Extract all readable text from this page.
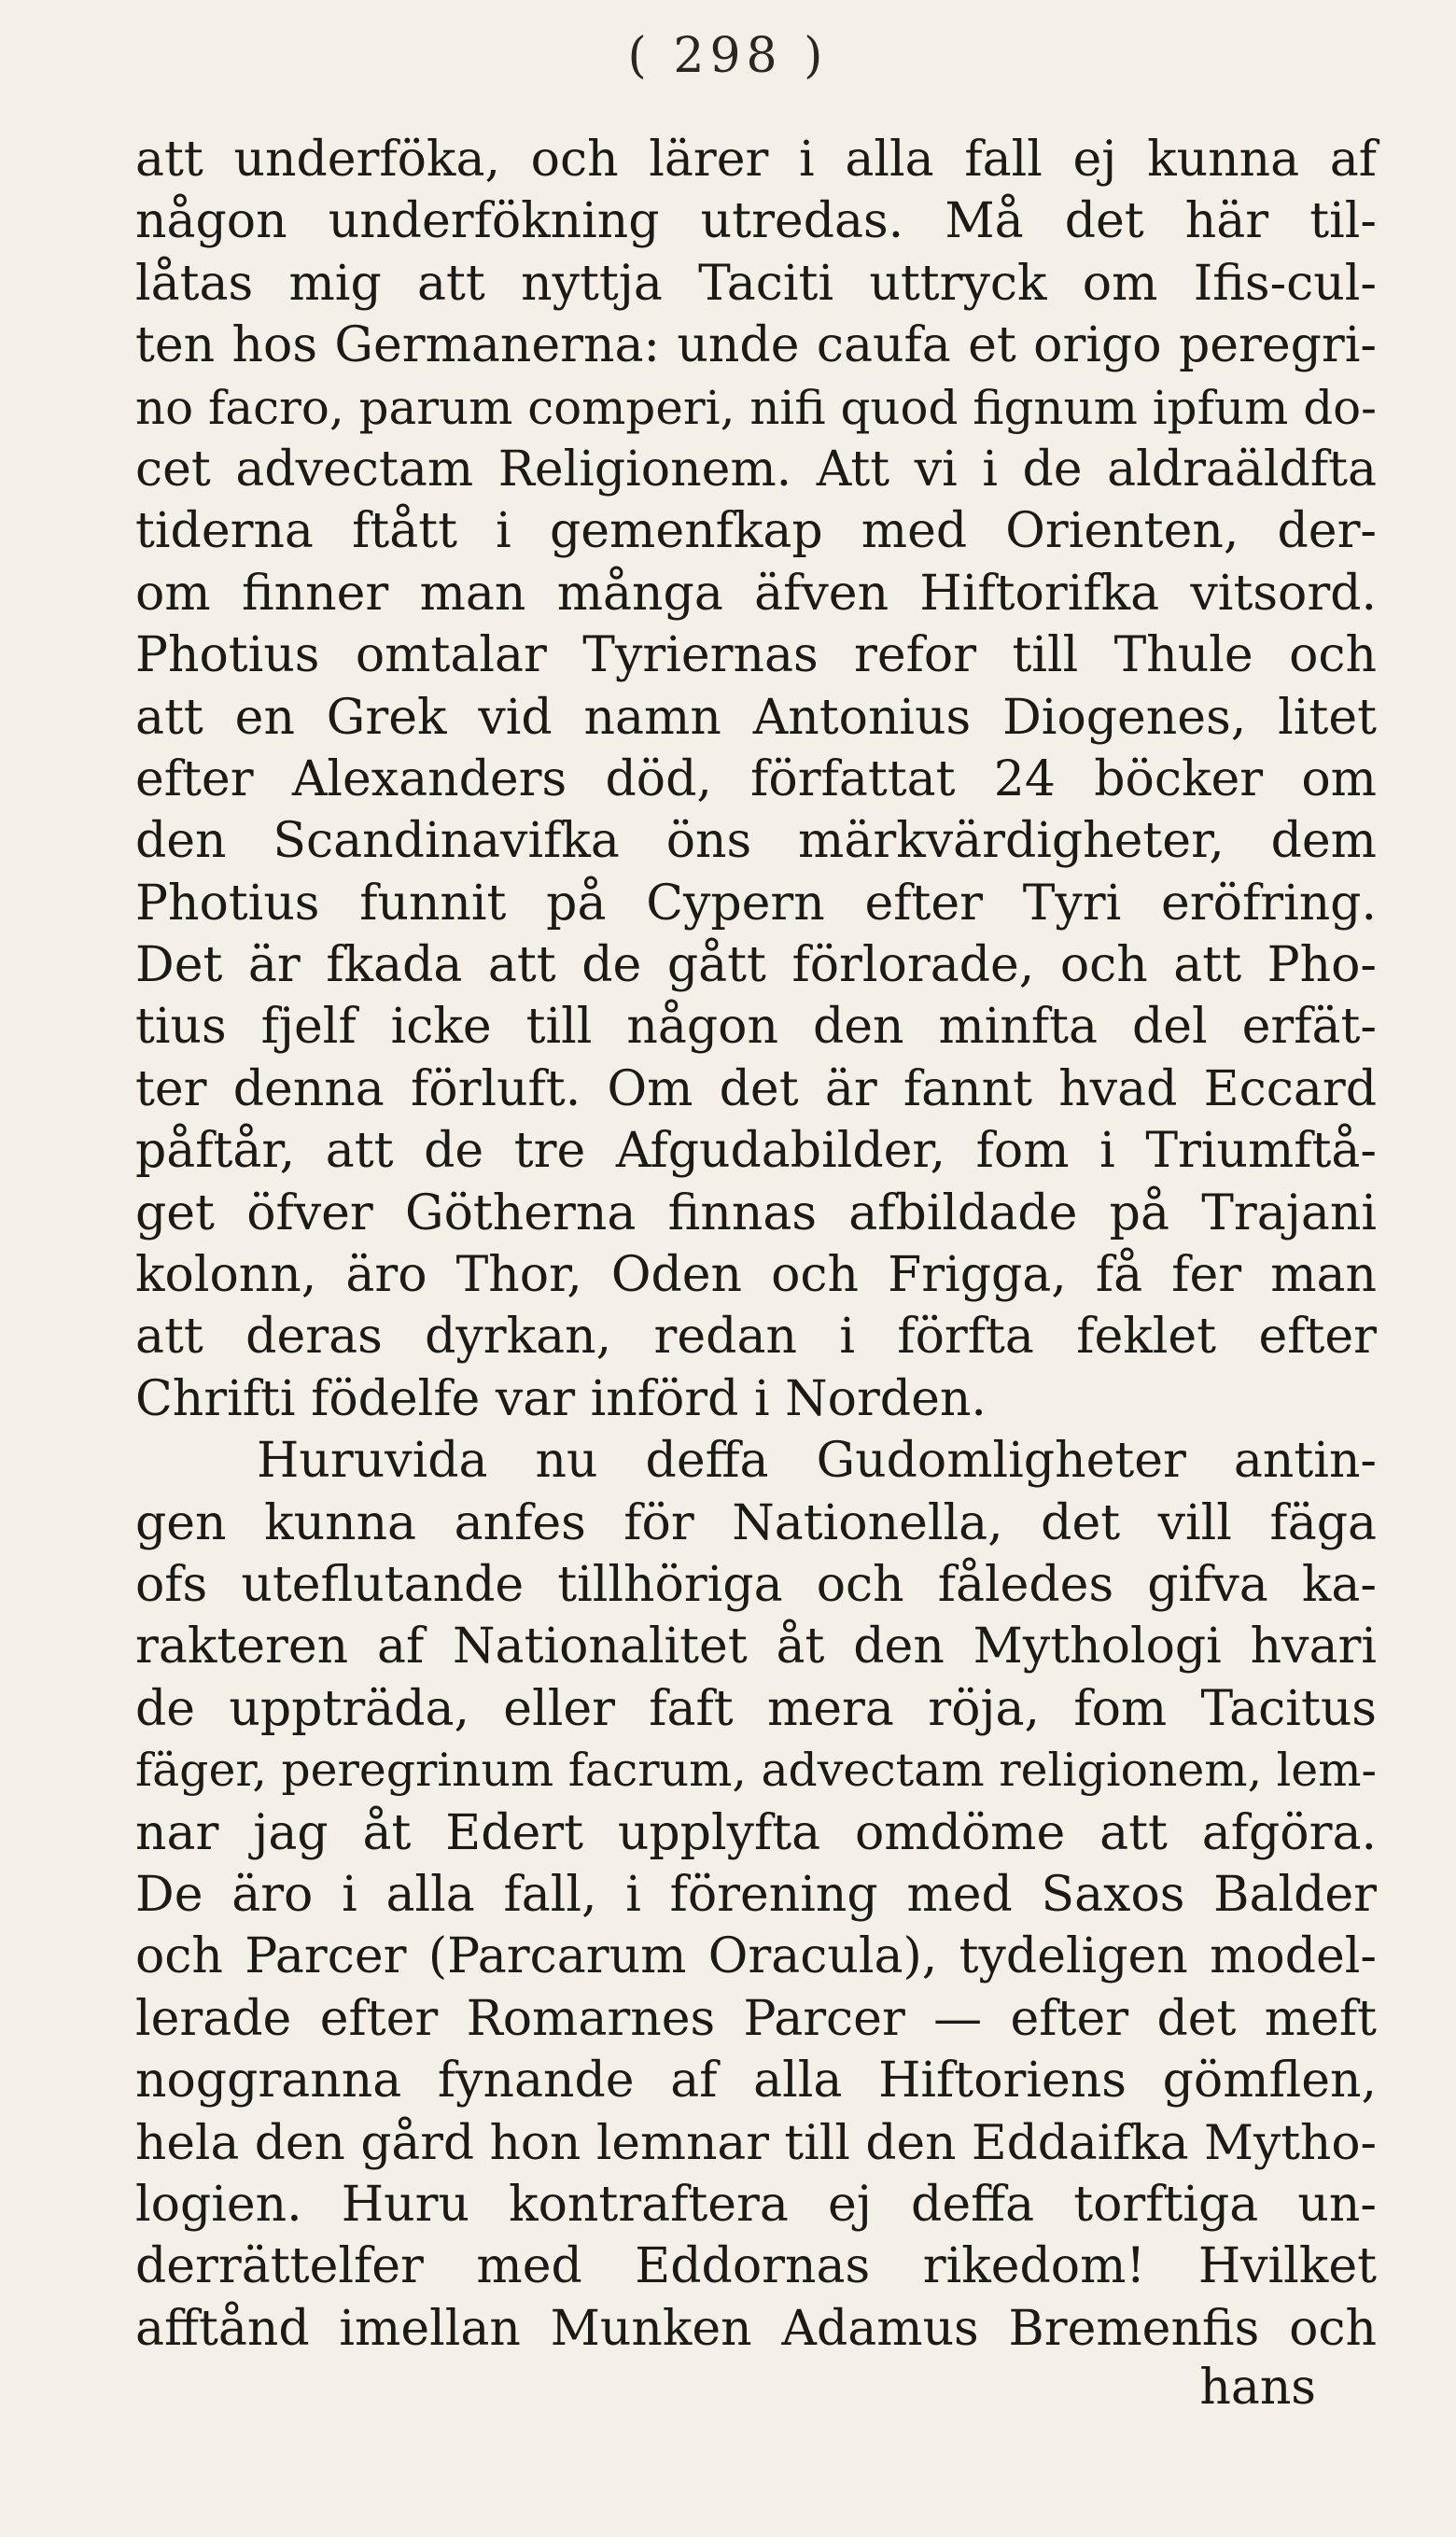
( 298 )
att underföka, och lärer i alla fall ej kunna af
någon underfökning utredas. Må det här til-
låtas mig att nyttja Taciti uttryck om Ifis-cul-
ten hos Germanerna: unde caufa et origo peregri-
no facro, parum comperi, nifi quod fignum ipfum do-
cet advectam Religionem. Att vi i de aldraäldfta
tiderna ftått i gemenfkap med Orienten, der-
om finner man många äfven Hiftorifka vitsord.
Photius omtalar Tyriernas refor till Thule och
att en Grek vid namn Antonius Diogenes, litet
efter Alexanders död, författat 24 böcker om
den Scandinavifka öns märkvärdigheter, dem
Photius funnit på Cypern efter Tyri eröfring.
Det är fkada att de gått förlorade, och att Pho-
tius fjelf icke till någon den minfta del erfät-
ter denna förluft. Om det är fannt hvad Eccard
påftår, att de tre Afgudabilder, fom i Triumftå-
get öfver Götherna finnas afbildade på Trajani
kolonn, äro Thor, Oden och Frigga, få fer man
att deras dyrkan, redan i förfta feklet efter
Chrifti födelfe var införd i Norden.
Huruvida nu deffa Gudomligheter antin-
gen kunna anfes för Nationella, det vill fäga
ofs uteflutande tillhöriga och fåledes gifva ka-
rakteren af Nationalitet åt den Mythologi hvari
de uppträda, eller faft mera röja, fom Tacitus
fäger, peregrinum facrum, advectam religionem, lem-
nar jag åt Edert upplyfta omdöme att afgöra.
De äro i alla fall, i förening med Saxos Balder
och Parcer (Parcarum Oracula), tydeligen model-
lerade efter Romarnes Parcer — efter det meft
noggranna fynande af alla Hiftoriens gömflen,
hela den gård hon lemnar till den Eddaifka Mytho-
logien. Huru kontraftera ej deffa torftiga un-
derrättelfer med Eddornas rikedom! Hvilket
afftånd imellan Munken Adamus Bremenfis och
hans
